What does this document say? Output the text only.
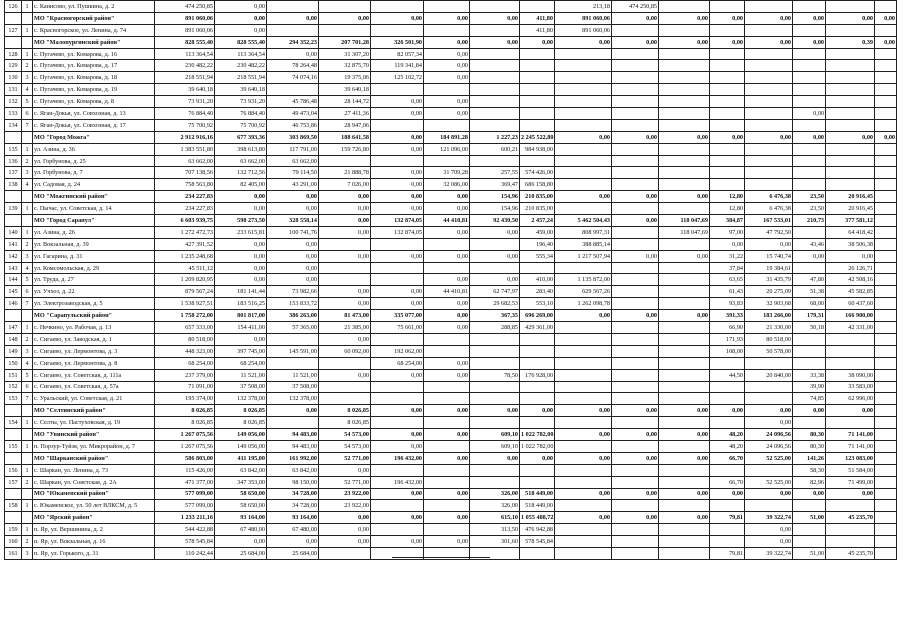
126	1	с. Канисово, ул. Пушкина, д. 2	474 250,85	0,00							213,18	474 250,85						
		МО "Красногорский район"	891 060,06	0,00	0,00	0,00	0,00	0,00	0,00	411,80	891 060,06	0,00	0,00	0,00	0,00	0,00	0,00	0,00
127	1	с. Красногорское, ул. Ленина, д. 74	891 060,06	0,00						411,80	891 060,06							
		МО "Малопургинский район"	828 555,40	828 555,40	294 352,23	207 701,28	326 501,90	0,00	0,00	0,00	0,00	0,00	0,00	0,00	0,00	0,00	0,39	0,00
128	1	с. Пугачево, ул. Комарова, д. 16	113 364,54	113 364,54	0,00	31 307,20	82 057,34	0,00										
129	2	с. Пугачево, ул. Комарова, д. 17	230 482,22	230 482,22	78 264,48	32 875,70	119 341,84	0,00										
130	3	с. Пугачево, ул. Комарова, д. 18	218 551,94	218 551,94	74 074,16	19 375,06	125 102,72	0,00										
131	4	с. Пугачево, ул. Комарова, д. 19	39 640,18	39 640,18		39 640,18												
132	5	с. Пугачево, ул. Комарова, д. 8	73 931,20	73 931,20	45 786,48	28 144,72	0,00	0,00										
133	6	с. Яган-Докья, ул. Совхозная, д. 13	76 884,40	76 884,40	49 473,04	27 411,36	0,00	0,00								0,00		
134	7	с. Яган-Докья, ул. Совхозная, д. 17	75 700,92	75 700,92	46 753,86	28 947,06												
		МО "Город Можга"	2 912 916,16	677 393,36	303 869,50	188 641,58	0,00	184 891,28	1 227,23	2 245 522,80	0,00	0,00	0,00	0,00	0,00	0,00	0,00	0,00
135	1	ул. Азина, д. 36	1 383 551,80	398 613,80	117 791,00	159 726,80	0,00	121 096,00	600,21	984 938,00								
136	2	ул. Горбунова, д. 25	63 662,00	63 662,00	63 662,00													
137	3	ул. Горбунова, д. 7	707 138,56	132 712,56	79 114,50	21 888,78	0,00	31 709,28	257,55	574 426,00								
138	4	ул. Садовая, д. 24	758 563,80	82 405,00	43 291,00	7 026,00	0,00	32 086,00	369,47	686 158,80								
		МО "Можгинский район"	234 227,83	0,00	0,00	0,00	0,00	0,00	154,96	210 835,00	0,00	0,00	0,00	12,80	6 476,38	23,50	20 916,45	
139	1	с. Пычас, ул. Советская, д. 14	234 227,83	0,00	0,00	0,00	0,00	0,00	154,96	210 835,00				12,80	6 476,38	23,50	20 916,45	
		МО "Город Сарапул"	6 603 939,75	598 273,50	328 558,14	0,00	132 874,05	44 410,81	92 430,50	2 457,24	5 462 504,43	0,00	118 047,69	384,87	167 533,01	210,73	377 581,12	
140	1	ул. Азина, д. 26	1 272 472,73	233 615,81	100 741,76	0,00	132 874,05	0,00	0,00	459,00	808 997,31		118 047,69	97,00	47 792,50		64 418,42	
141	2	ул. Вокзальная, д. 39	427 391,52	0,00	0,00					196,40	388 885,14			0,00	0,00	43,46	38 506,38	
142	3	ул. Гагарина, д. 31	1 235 248,68	0,00	0,00	0,00	0,00	0,00	0,00	555,34	1 217 507,94	0,00	0,00	31,22	15 740,74	0,00	0,00	
143	4	ул. Комсомольская, д. 29	45 511,12	0,00	0,00									37,84	19 384,61		26 126,71	
144	5	ул. Труда, д. 27	1 209 820,95	0,00	0,00			0,00	0,00	410,00	1 135 872,00			63,65	31 435,79	47,80	42 508,16	
145	6	ул. Учхоз, д. 22	879 567,24	181 141,44	73 982,66	0,00	0,00	44 410,81	62 747,97	283,40	629 567,26			61,43	20 275,09	51,38	45 582,85	
146	7	ул. Электрозаводская, д. 5	1 538 927,51	183 516,25	153 833,72	0,00	0,00	0,00	29 682,53	553,10	1 262 098,78			93,83	32 903,68	68,00	60 437,60	
		МО "Сарапульский район"	1 758 272,00	801 817,00	386 263,00	81 473,00	335 077,00	0,00	367,35	696 269,00	0,00	0,00	0,00	391,33	183 266,00	179,31	166 900,00	
147	1	с. Нечкино, ул. Рабочая, д. 13	657 333,00	154 411,00	57 365,00	21 385,00	75 661,00	0,00	288,85	429 361,00				66,90	21 330,00	50,18	42 331,00	
148	2	с. Сигаево, ул. Заводская, д. 1	80 518,00	0,00		0,00								171,93	80 518,00			
149	3	с. Сигаево, ул. Лермонтова, д. 3	448 323,00	397 745,00	145 591,00	60 092,00	192 062,00							108,00	50 578,00			
150	4	с. Сигаево, ул. Лермонтова, д. 8	68 254,00	68 254,00			68 254,00	0,00										
151	5	с. Сигаево, ул. Советская, д. 111а	237 379,00	11 521,00	11 521,00	0,00	0,00	0,00	78,50	176 928,00				44,50	20 840,00	33,38	38 090,00	
152	6	с. Сигаево, ул. Советская, д. 57а	71 091,00	37 508,00	37 508,00											39,90	33 583,00	
153	7	с. Уральский, ул. Советская, д. 21	195 374,00	132 378,00	132 378,00											74,85	62 996,00	
		МО "Селтинский район"	8 026,85	8 026,85	0,00	8 026,85	0,00	0,00	0,00	0,00	0,00	0,00	0,00	0,00	0,00	0,00	0,00	
154	1	с. Селты, ул. Пастуховская, д. 19	8 026,85	8 026,85		8 026,85									0,00			
		МО "Увинский район"	1 267 075,56	149 056,00	94 483,00	54 573,00	0,00	0,00	609,10	1 022 782,00	0,00	0,00	0,00	48,20	24 096,56	80,30	71 141,00	
155	1	п. Порзур-Туйзя, ул. Микрорайон, д. 7	1 267 075,56	149 056,00	94 483,00	54 573,00	0,00		609,10	1 022 782,00				48,20	24 096,56	80,30	71 141,00	
		МО "Шарканский район"	586 803,00	411 195,00	161 992,00	52 771,00	196 432,00	0,00	0,00	0,00	0,00	0,00	0,00	66,70	52 525,00	141,26	123 083,00	
156	1	с. Шаркан, ул. Ленина, д. 73	115 426,00	63 842,00	63 842,00	0,00										58,30	51 584,00	
157	2	с. Шаркан, ул. Советская, д. 2А	471 377,00	347 353,00	98 150,00	52 771,00	196 432,00							66,70	52 525,00	82,96	71 499,00	
		МО "Юкаменский район"	577 099,00	58 650,00	34 728,00	23 922,00	0,00	0,00	326,00	518 449,00	0,00	0,00	0,00	0,00	0,00	0,00	0,00	
158	1	с. Юкаменское, ул. 50 лет ВЛКСМ, д. 5	577 099,00	58 650,00	34 728,00	23 922,00			326,00	518 449,00								
		МО "Ярский район"	1 233 211,16	93 164,00	93 164,00	0,00	0,00	0,00	615,10	1 055 488,72	0,00	0,00	0,00	79,81	39 322,74	51,00	45 235,70	
159	1	п. Яр, ул. Вершинина, д. 2	544 422,88	67 480,00	67 480,00	0,00			313,50	476 942,88					0,00			
160	2	п. Яр, ул. Вокзальная, д. 16	578 545,84	0,00	0,00	0,00	0,00	0,00	301,60	578 545,84					0,00			
161	3	п. Яр, ул. Горького, д. 31	110 242,44	25 684,00	25 684,00									79,81	39 322,74	51,00	45 235,70	
